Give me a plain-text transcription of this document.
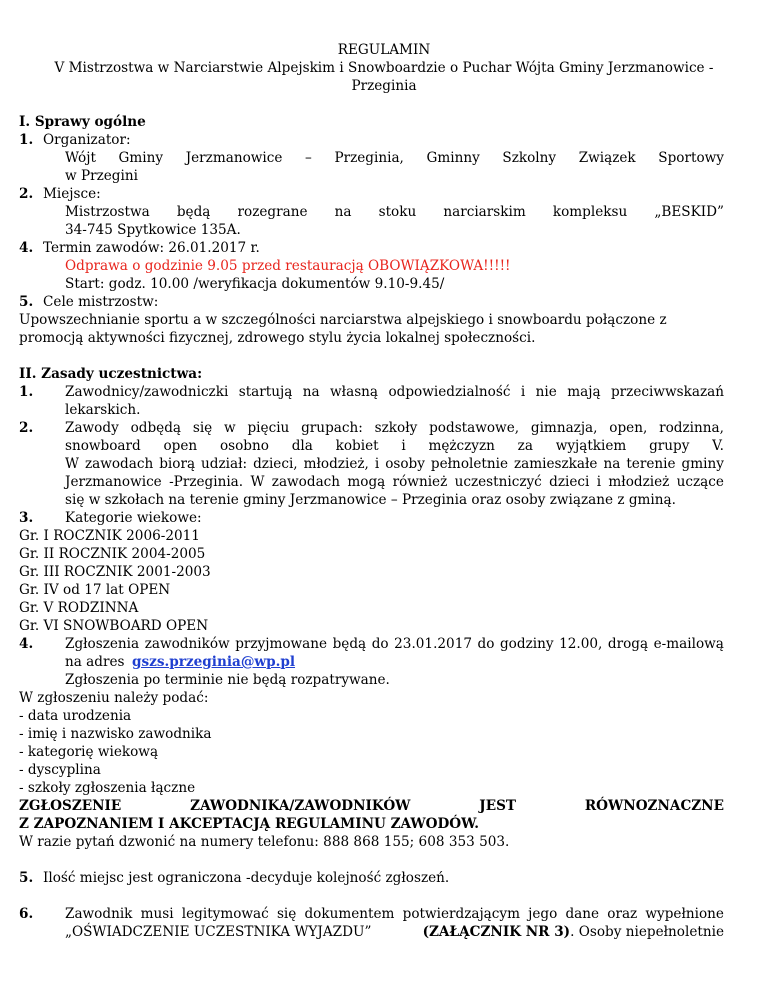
REGULAMIN
V Mistrzostwa w Narciarstwie Alpejskim i Snowboardzie o Puchar Wójta Gminy Jerzmanowice -
Przeginia
I. Sprawy ogólne
1. Organizator:
Wójt Gminy Jerzmanowice – Przeginia, Gminny Szkolny Związek Sportowy
w Przegini
2. Miejsce:
Mistrzostwa będą rozegrane na stoku narciarskim kompleksu „BESKID”
34-745 Spytkowice 135A.
4. Termin zawodów: 26.01.2017 r.
Odprawa o godzinie 9.05 przed restauracją OBOWIĄZKOWA!!!!!
Start: godz. 10.00 /weryfikacja dokumentów 9.10-9.45/
5. Cele mistrzostw:
Upowszechnianie sportu a w szczególności narciarstwa alpejskiego i snowboardu połączone z
promocją aktywności fizycznej, zdrowego stylu życia lokalnej społeczności.
II. Zasady uczestnictwa:
1. Zawodnicy/zawodniczki startują na własną odpowiedzialność i nie mają przeciwwskazań
lekarskich.
2. Zawody odbędą się w pięciu grupach: szkoły podstawowe, gimnazja, open, rodzinna,
snowboard open osobno dla kobiet i mężczyzn za wyjątkiem grupy V.
W zawodach biorą udział: dzieci, młodzież, i osoby pełnoletnie zamieszkałe na terenie gminy
Jerzmanowice -Przeginia. W zawodach mogą również uczestniczyć dzieci i młodzież uczące
się w szkołach na terenie gminy Jerzmanowice – Przeginia oraz osoby związane z gminą.
3. Kategorie wiekowe:
Gr. I ROCZNIK 2006-2011
Gr. II ROCZNIK 2004-2005
Gr. III ROCZNIK 2001-2003
Gr. IV od 17 lat OPEN
Gr. V RODZINNA
Gr. VI SNOWBOARD OPEN
4. Zgłoszenia zawodników przyjmowane będą do 23.01.2017 do godziny 12.00, drogą e-mailową
na adres gszs.przeginia@wp.pl
Zgłoszenia po terminie nie będą rozpatrywane.
W zgłoszeniu należy podać:
- data urodzenia
- imię i nazwisko zawodnika
- kategorię wiekową
- dyscyplina
- szkoły zgłoszenia łączne
ZGŁOSZENIE	ZAWODNIKA/ZAWODNIKÓW	JEST	RÓWNOZNACZNE
Z ZAPOZNANIEM I AKCEPTACJĄ REGULAMINU ZAWODÓW.
W razie pytań dzwonić na numery telefonu: 888 868 155; 608 353 503.
5. Ilość miejsc jest ograniczona -decyduje kolejność zgłoszeń.
6. Zawodnik musi legitymować się dokumentem potwierdzającym jego dane oraz wypełnione
„OŚWIADCZENIE UCZESTNIKA WYJAZDU”	(ZAŁĄCZNIK NR 3). Osoby niepełnoletnie
